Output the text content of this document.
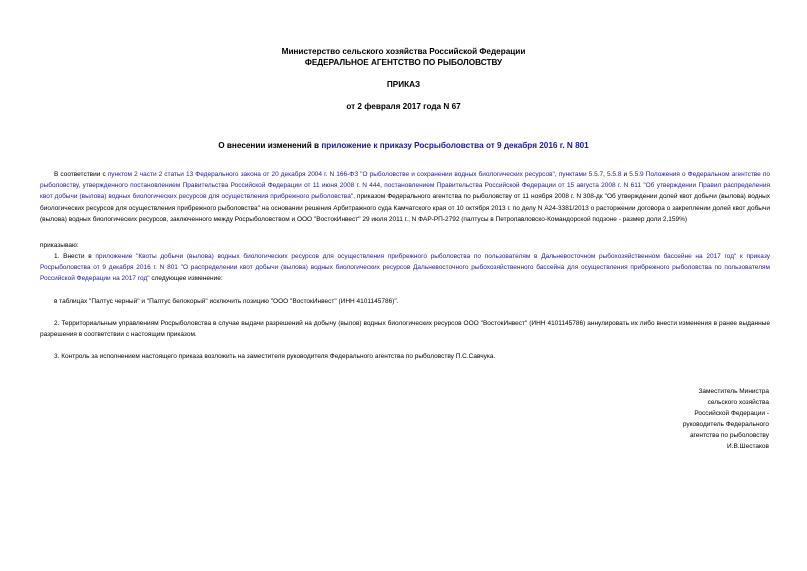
Министерство сельского хозяйства Российской Федерации
ФЕДЕРАЛЬНОЕ АГЕНТСТВО ПО РЫБОЛОВСТВУ
ПРИКАЗ
от 2 февраля 2017 года N 67
О внесении изменений в приложение к приказу Росрыболовства от 9 декабря 2016 г. N 801
В соответствии с пунктом 2 части 2 статьи 13 Федерального закона от 20 декабря 2004 г. N 166-ФЗ "О рыболовстве и сохранении водных биологических ресурсов", пунктами 5.5.7, 5.5.8 и 5.5.9 Положения о Федеральном агентстве по рыболовству, утвержденного постановлением Правительства Российской Федерации от 11 июня 2008 г. N 444, постановлением Правительства Российской Федерации от 15 августа 2008 г. N 611 "Об утверждении Правил распределения квот добычи (вылова) водных биологических ресурсов для осуществления прибрежного рыболовства", приказом Федерального агентства по рыболовству от 11 ноября 2008 г. N 308-дк "Об утверждении долей квот добычи (вылова) водных биологических ресурсов для осуществления прибрежного рыболовства" на основании решения Арбитражного суда Камчатского края от 10 октября 2013 г. по делу N А24-3381/2013 о расторжении договора о закреплении долей квот добычи (вылова) водных биологических ресурсов, заключенного между Росрыболовством и ООО "ВостокИнвест" 29 июля 2011 г., N ФАР-РП-2792 (палтусы в Петропавловско-Командорской подзоне - размер доли 2,159%)
приказываю:
1. Внести в приложение "Квоты добычи (вылова) водных биологических ресурсов для осуществления прибрежного рыболовства по пользователям в Дальневосточном рыбохозяйственном бассейне на 2017 год" к приказу Росрыболовства от 9 декабря 2016 г. N 801 "О распределении квот добычи (вылова) водных биологических ресурсов Дальневосточного рыбохозяйственного бассейна для осуществления прибрежного рыболовства по пользователям Российской Федерации на 2017 год" следующее изменение:
в таблицах "Палтус черный" и "Палтус белокорый" исключить позицию "ООО "ВостокИнвест" (ИНН 4101145786)".
2. Территориальным управлениям Росрыболовства в случае выдачи разрешений на добычу (вылов) водных биологических ресурсов ООО "ВостокИнвест" (ИНН 4101145786) аннулировать их либо внести изменения в ранее выданные разрешения в соответствии с настоящим приказом.
3. Контроль за исполнением настоящего приказа возложить на заместителя руководителя Федерального агентства по рыболовству П.С.Савчука.
Заместитель Министра
сельского хозяйства
Российской Федерации -
руководитель Федерального
агентства по рыболовству
И.В.Шестаков
